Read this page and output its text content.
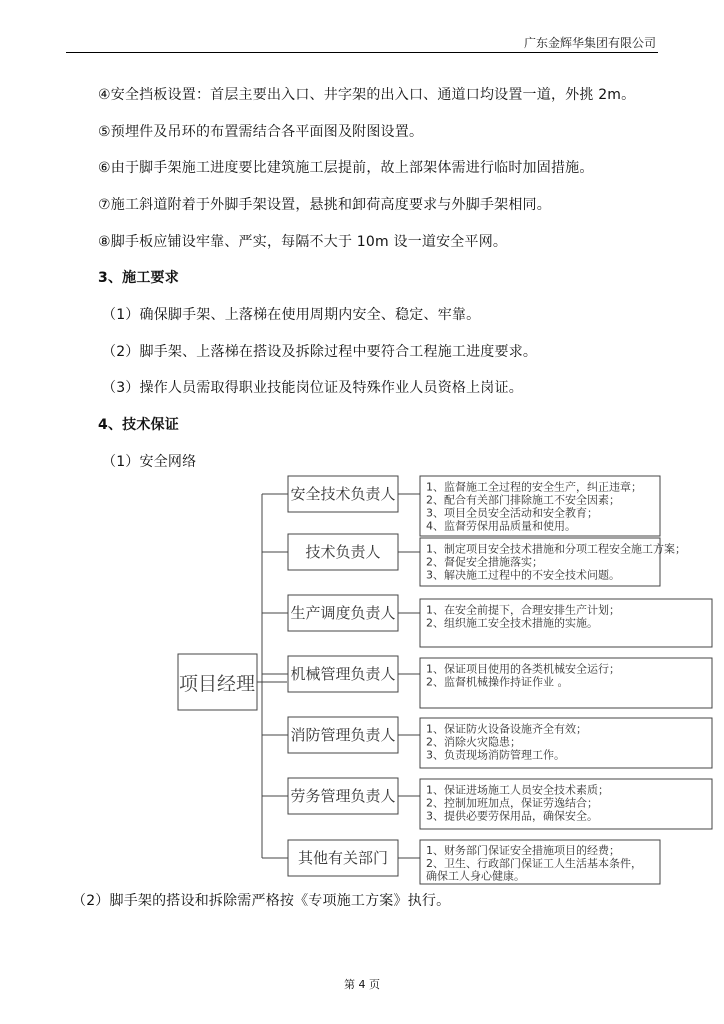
广东金辉华集团有限公司
④安全挡板设置：首层主要出入口、井字架的出入口、通道口均设置一道，外挑 2m。
⑤预埋件及吊环的布置需结合各平面图及附图设置。
⑥由于脚手架施工进度要比建筑施工层提前，故上部架体需进行临时加固措施。
⑦施工斜道附着于外脚手架设置，悬挑和卸荷高度要求与外脚手架相同。
⑧脚手板应铺设牢靠、严实，每隔不大于 10m 设一道安全平网。
3、施工要求
（1）确保脚手架、上落梯在使用周期内安全、稳定、牢靠。
（2）脚手架、上落梯在搭设及拆除过程中要符合工程施工进度要求。
（3）操作人员需取得职业技能岗位证及特殊作业人员资格上岗证。
4、技术保证
（1）安全网络
项目经理
安全技术负责人	1、监督施工全过程的安全生产，纠正违章；
2、配合有关部门排除施工不安全因素；
3、项目全员安全活动和安全教育；
4、监督劳保用品质量和使用。
技术负责人	1、制定项目安全技术措施和分项工程安全施工方案；
2、督促安全措施落实；
3、解决施工过程中的不安全技术问题。
生产调度负责人	1、在安全前提下，合理安排生产计划；
2、组织施工安全技术措施的实施。
机械管理负责人	1、保证项目使用的各类机械安全运行；
2、监督机械操作持证作业 。
消防管理负责人	1、保证防火设备设施齐全有效；
2、消除火灾隐患；
3、负责现场消防管理工作。
劳务管理负责人	1、保证进场施工人员安全技术素质；
2、控制加班加点，保证劳逸结合；
3、提供必要劳保用品，确保安全。
其他有关部门	1、财务部门保证安全措施项目的经费；
2、卫生、行政部门保证工人生活基本条件，
确保工人身心健康。
（2）脚手架的搭设和拆除需严格按《专项施工方案》执行。
第 4 页
